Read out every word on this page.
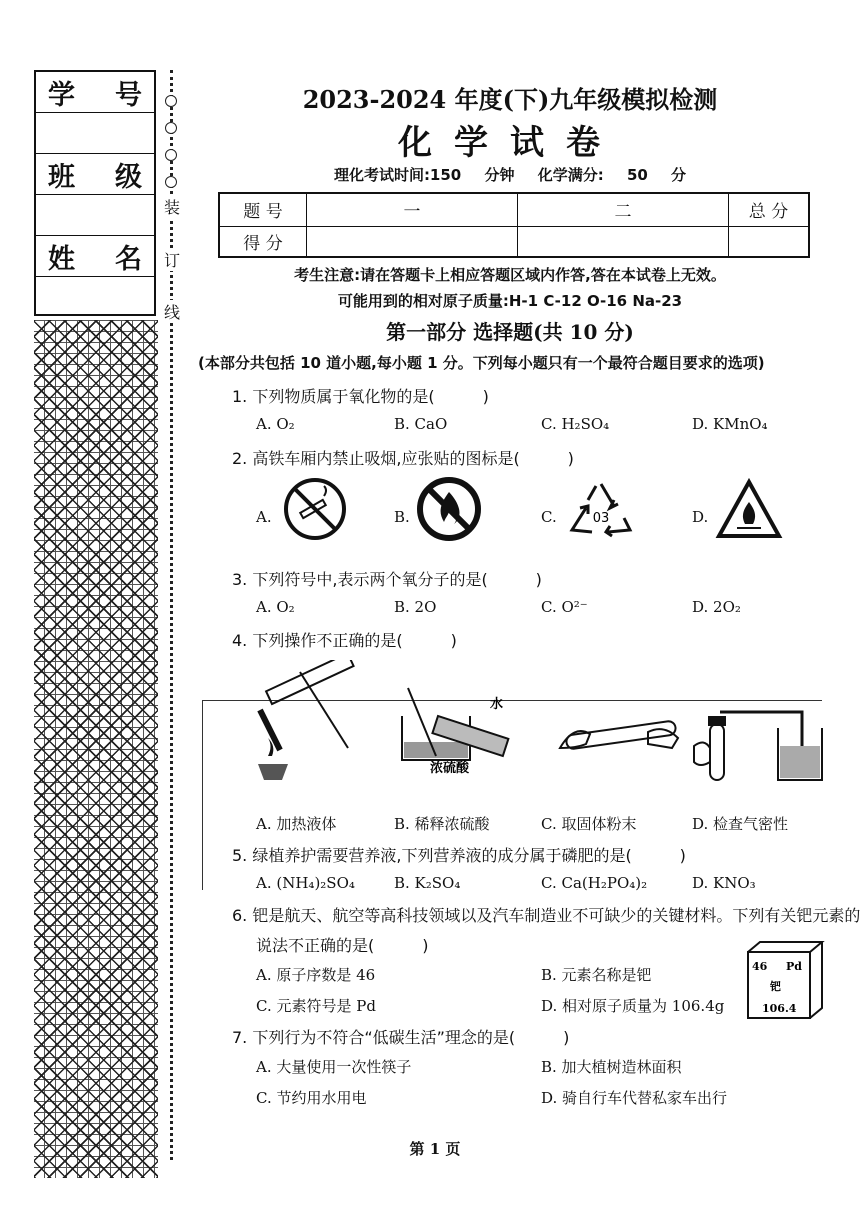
学 号
班 级
姓 名
装
订
线
2023-2024 年度(下)九年级模拟检测
化学试卷
理化考试时间:150 分钟 化学满分: 50 分
题 号	一	二	总 分
得 分			
考生注意:请在答题卡上相应答题区域内作答,答在本试卷上无效。
可能用到的相对原子质量:H-1 C-12 O-16 Na-23
第一部分 选择题(共 10 分)
(本部分共包括 10 道小题,每小题 1 分。下列每小题只有一个最符合题目要求的选项)
1. 下列物质属于氧化物的是(　　　)
A. O₂	B. CaO	C. H₂SO₄	D. KMnO₄
2. 高铁车厢内禁止吸烟,应张贴的图标是(　　　)
A.	B.	C.	03	D.
3. 下列符号中,表示两个氧分子的是(　　　)
A. O₂	B. 2O	C. O²⁻	D. 2O₂
4. 下列操作不正确的是(　　　)
水
浓硫酸
A. 加热液体	B. 稀释浓硫酸	C. 取固体粉末	D. 检查气密性
5. 绿植养护需要营养液,下列营养液的成分属于磷肥的是(　　　)
A. (NH₄)₂SO₄	B. K₂SO₄	C. Ca(H₂PO₄)₂	D. KNO₃
6. 钯是航天、航空等高科技领域以及汽车制造业不可缺少的关键材料。下列有关钯元素的
说法不正确的是(　　　)
A. 原子序数是 46	B. 元素名称是钯
C. 元素符号是 Pd	D. 相对原子质量为 106.4g
46 Pd
钯
106.4
7. 下列行为不符合“低碳生活”理念的是(　　　)
A. 大量使用一次性筷子	B. 加大植树造林面积
C. 节约用水用电	D. 骑自行车代替私家车出行
第 1 页
